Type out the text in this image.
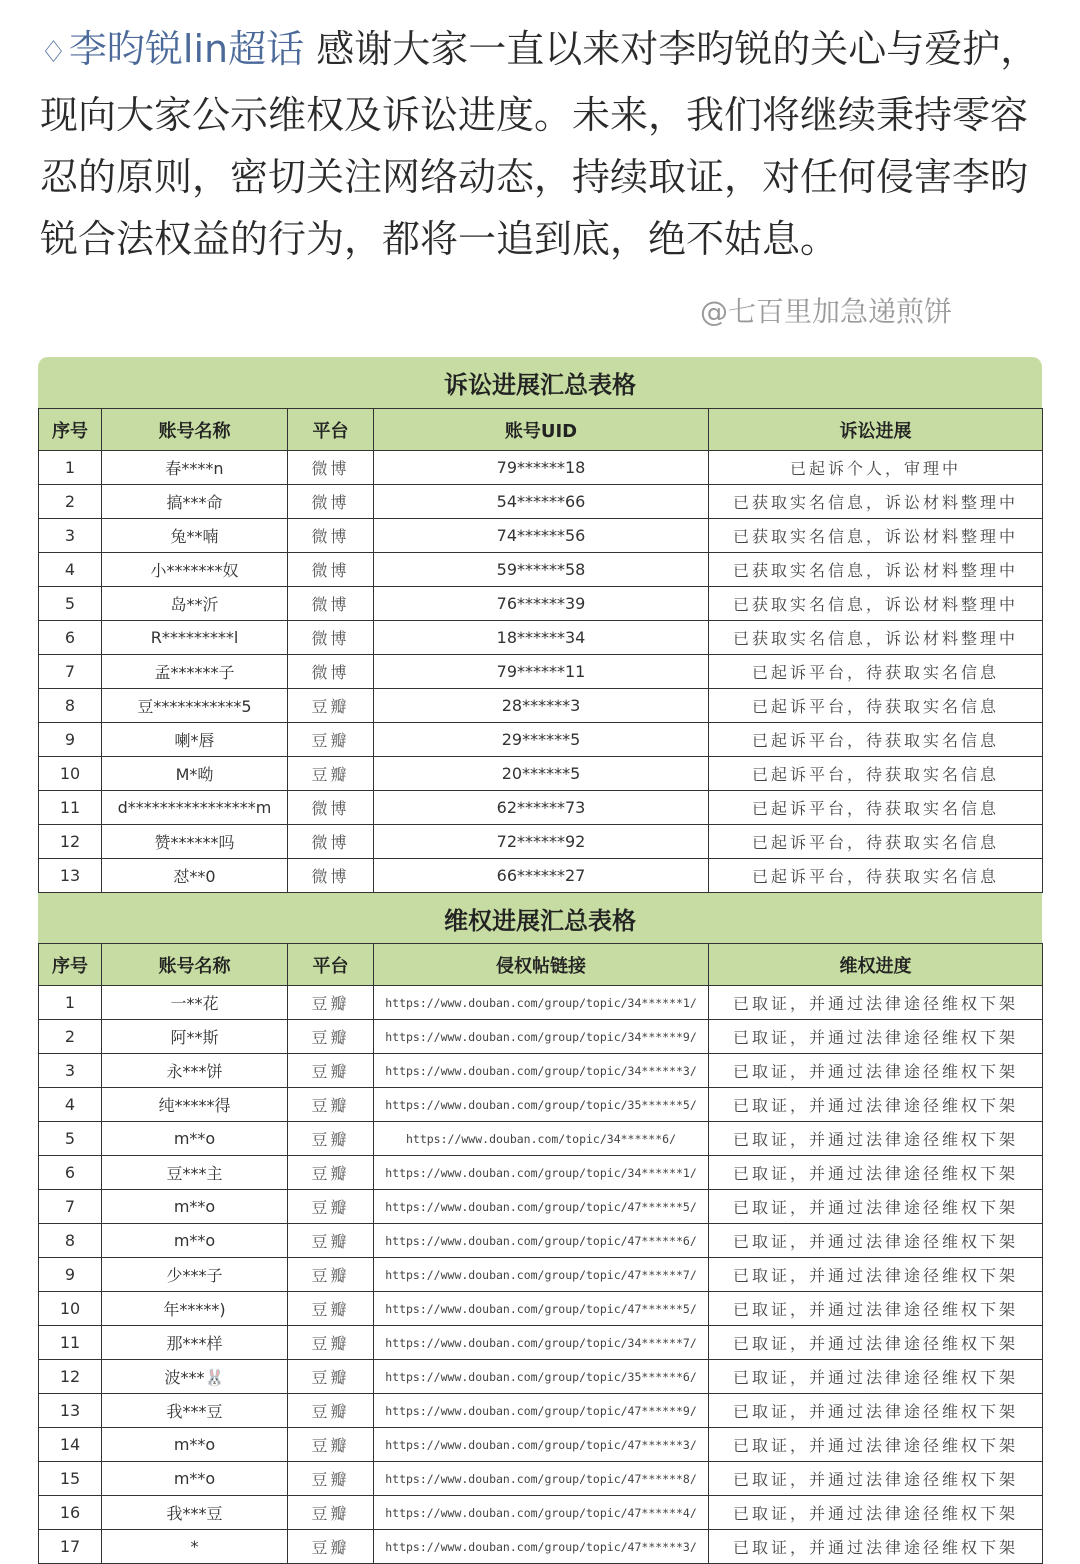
♢李昀锐lin超话 感谢大家一直以来对李昀锐的关心与爱护，现向大家公示维权及诉讼进度。未来，我们将继续秉持零容忍的原则，密切关注网络动态，持续取证，对任何侵害李昀锐合法权益的行为，都将一追到底，绝不姑息。
@七百里加急递煎饼
诉讼进展汇总表格
序号	账号名称	平台	账号UID	诉讼进展
1	春****n	微博	79******18	已起诉个人，审理中
2	搞***命	微博	54******66	已获取实名信息，诉讼材料整理中
3	兔**喃	微博	74******56	已获取实名信息，诉讼材料整理中
4	小*******奴	微博	59******58	已获取实名信息，诉讼材料整理中
5	岛**沂	微博	76******39	已获取实名信息，诉讼材料整理中
6	R*********l	微博	18******34	已获取实名信息，诉讼材料整理中
7	孟******子	微博	79******11	已起诉平台，待获取实名信息
8	豆***********5	豆瓣	28******3	已起诉平台，待获取实名信息
9	喇*唇	豆瓣	29******5	已起诉平台，待获取实名信息
10	M*呦	豆瓣	20******5	已起诉平台，待获取实名信息
11	d****************m	微博	62******73	已起诉平台，待获取实名信息
12	赞******吗	微博	72******92	已起诉平台，待获取实名信息
13	怼**0	微博	66******27	已起诉平台，待获取实名信息
维权进展汇总表格
序号	账号名称	平台	侵权帖链接	维权进度
1	一**花	豆瓣	https://www.douban.com/group/topic/34******1/	已取证，并通过法律途径维权下架
2	阿**斯	豆瓣	https://www.douban.com/group/topic/34******9/	已取证，并通过法律途径维权下架
3	永***饼	豆瓣	https://www.douban.com/group/topic/34******3/	已取证，并通过法律途径维权下架
4	纯*****得	豆瓣	https://www.douban.com/group/topic/35******5/	已取证，并通过法律途径维权下架
5	m**o	豆瓣	https://www.douban.com/topic/34******6/	已取证，并通过法律途径维权下架
6	豆***主	豆瓣	https://www.douban.com/group/topic/34******1/	已取证，并通过法律途径维权下架
7	m**o	豆瓣	https://www.douban.com/group/topic/47******5/	已取证，并通过法律途径维权下架
8	m**o	豆瓣	https://www.douban.com/group/topic/47******6/	已取证，并通过法律途径维权下架
9	少***子	豆瓣	https://www.douban.com/group/topic/47******7/	已取证，并通过法律途径维权下架
10	年*****)	豆瓣	https://www.douban.com/group/topic/47******5/	已取证，并通过法律途径维权下架
11	那***样	豆瓣	https://www.douban.com/group/topic/34******7/	已取证，并通过法律途径维权下架
12	波***🐰	豆瓣	https://www.douban.com/group/topic/35******6/	已取证，并通过法律途径维权下架
13	我***豆	豆瓣	https://www.douban.com/group/topic/47******9/	已取证，并通过法律途径维权下架
14	m**o	豆瓣	https://www.douban.com/group/topic/47******3/	已取证，并通过法律途径维权下架
15	m**o	豆瓣	https://www.douban.com/group/topic/47******8/	已取证，并通过法律途径维权下架
16	我***豆	豆瓣	https://www.douban.com/group/topic/47******4/	已取证，并通过法律途径维权下架
17	*	豆瓣	https://www.douban.com/group/topic/47******3/	已取证，并通过法律途径维权下架
